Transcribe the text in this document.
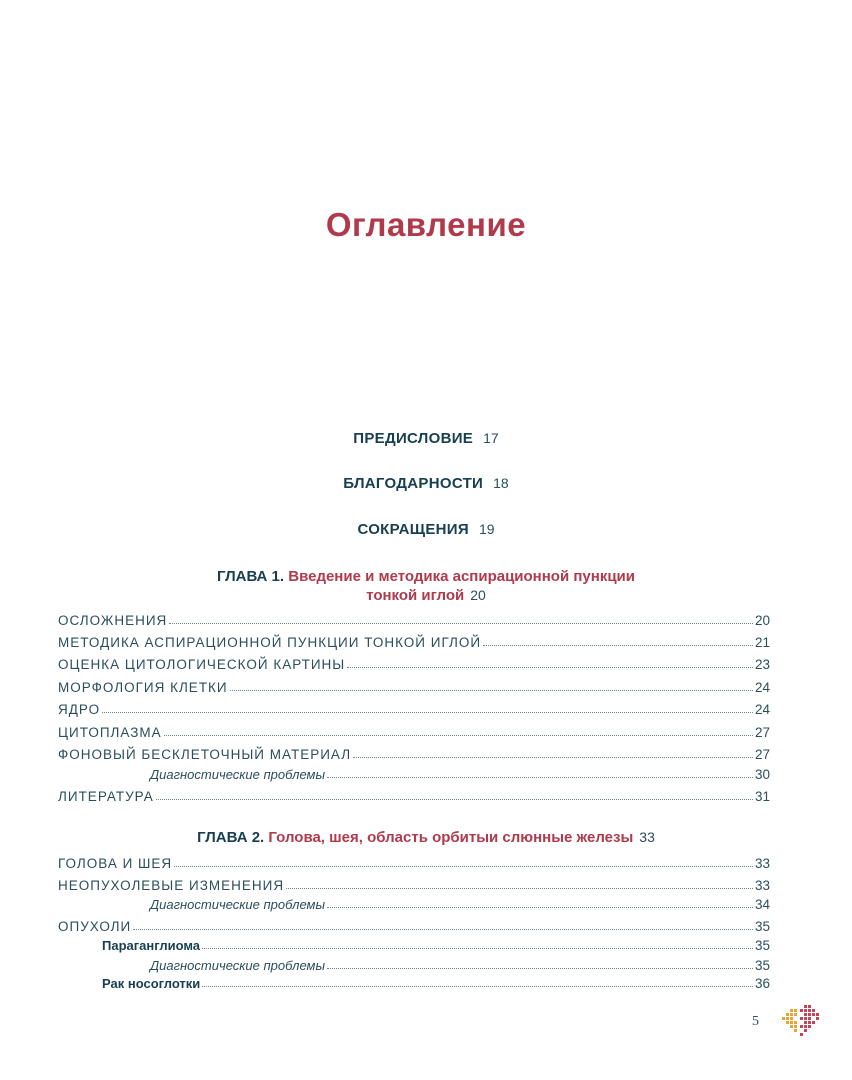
Оглавление
ПРЕДИСЛОВИЕ 17
БЛАГОДАРНОСТИ 18
СОКРАЩЕНИЯ 19
ГЛАВА 1. Введение и методика аспирационной пункции
тонкой иглой 20
ОСЛОЖНЕНИЯ	20
МЕТОДИКА АСПИРАЦИОННОЙ ПУНКЦИИ ТОНКОЙ ИГЛОЙ	21
ОЦЕНКА ЦИТОЛОГИЧЕСКОЙ КАРТИНЫ	23
МОРФОЛОГИЯ КЛЕТКИ	24
ЯДРО	24
ЦИТОПЛАЗМА	27
ФОНОВЫЙ БЕСКЛЕТОЧНЫЙ МАТЕРИАЛ	27
Диагностические проблемы	30
ЛИТЕРАТУРА	31
ГЛАВА 2. Голова, шея, область орбитыи слюнные железы 33
ГОЛОВА И ШЕЯ	33
НЕОПУХОЛЕВЫЕ ИЗМЕНЕНИЯ	33
Диагностические проблемы	34
ОПУХОЛИ	35
Параганглиома	35
Диагностические проблемы	35
Рак носоглотки	36
5
